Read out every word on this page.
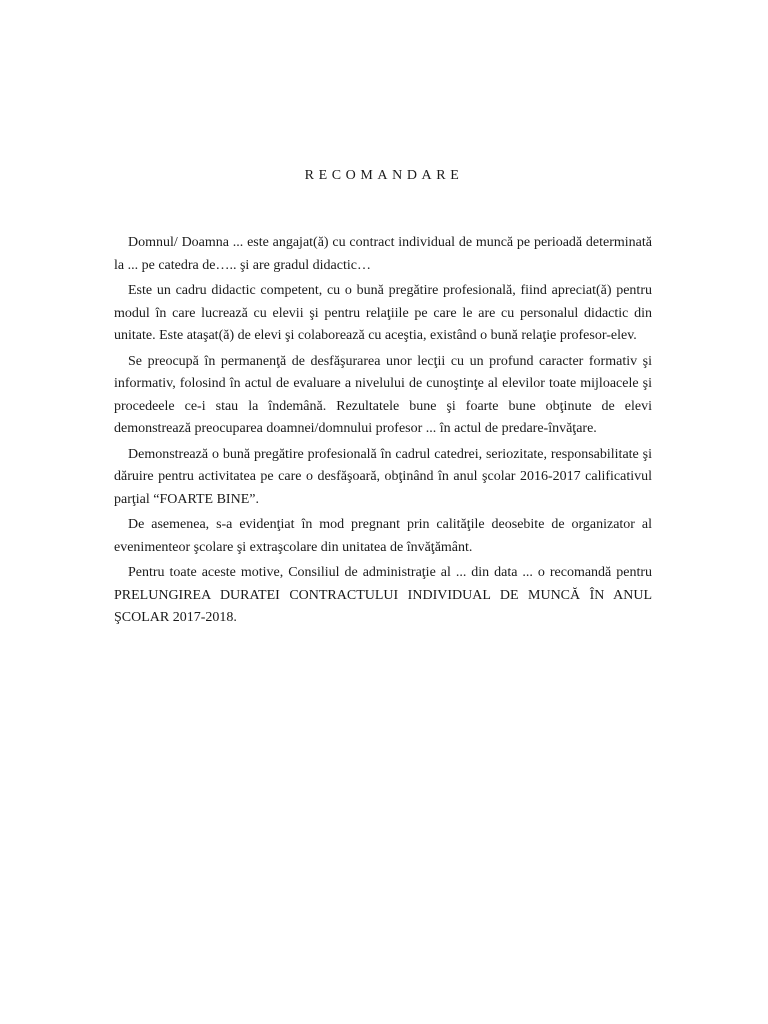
RECOMANDARE

Domnul/ Doamna ... este angajat(ă) cu contract individual de muncă pe perioadă determinată la ... pe catedra de….. şi are gradul didactic…

Este un cadru didactic competent, cu o bună pregătire profesională, fiind apreciat(ă) pentru modul în care lucrează cu elevii şi pentru relaţiile pe care le are cu personalul didactic din unitate. Este ataşat(ă) de elevi şi colaborează cu aceştia, existând o bună relaţie profesor-elev.

Se preocupă în permanenţă de desfăşurarea unor lecţii cu un profund caracter formativ şi informativ, folosind în actul de evaluare a nivelului de cunoştinţe al elevilor toate mijloacele şi procedeele ce-i stau la îndemână. Rezultatele bune şi foarte bune obţinute de elevi demonstrează preocuparea doamnei/domnului profesor ... în actul de predare-învăţare.

Demonstrează o bună pregătire profesională în cadrul catedrei, seriozitate, responsabilitate şi dăruire pentru activitatea pe care o desfăşoară, obţinând în anul şcolar 2016-2017 calificativul parţial “FOARTE BINE”.

De asemenea, s-a evidenţiat în mod pregnant prin calităţile deosebite de organizator al evenimenteor şcolare şi extraşcolare din unitatea de învăţământ.

Pentru toate aceste motive, Consiliul de administraţie al ... din data ... o recomandă pentru PRELUNGIREA DURATEI CONTRACTULUI INDIVIDUAL DE MUNCĂ ÎN ANUL ŞCOLAR 2017-2018.
